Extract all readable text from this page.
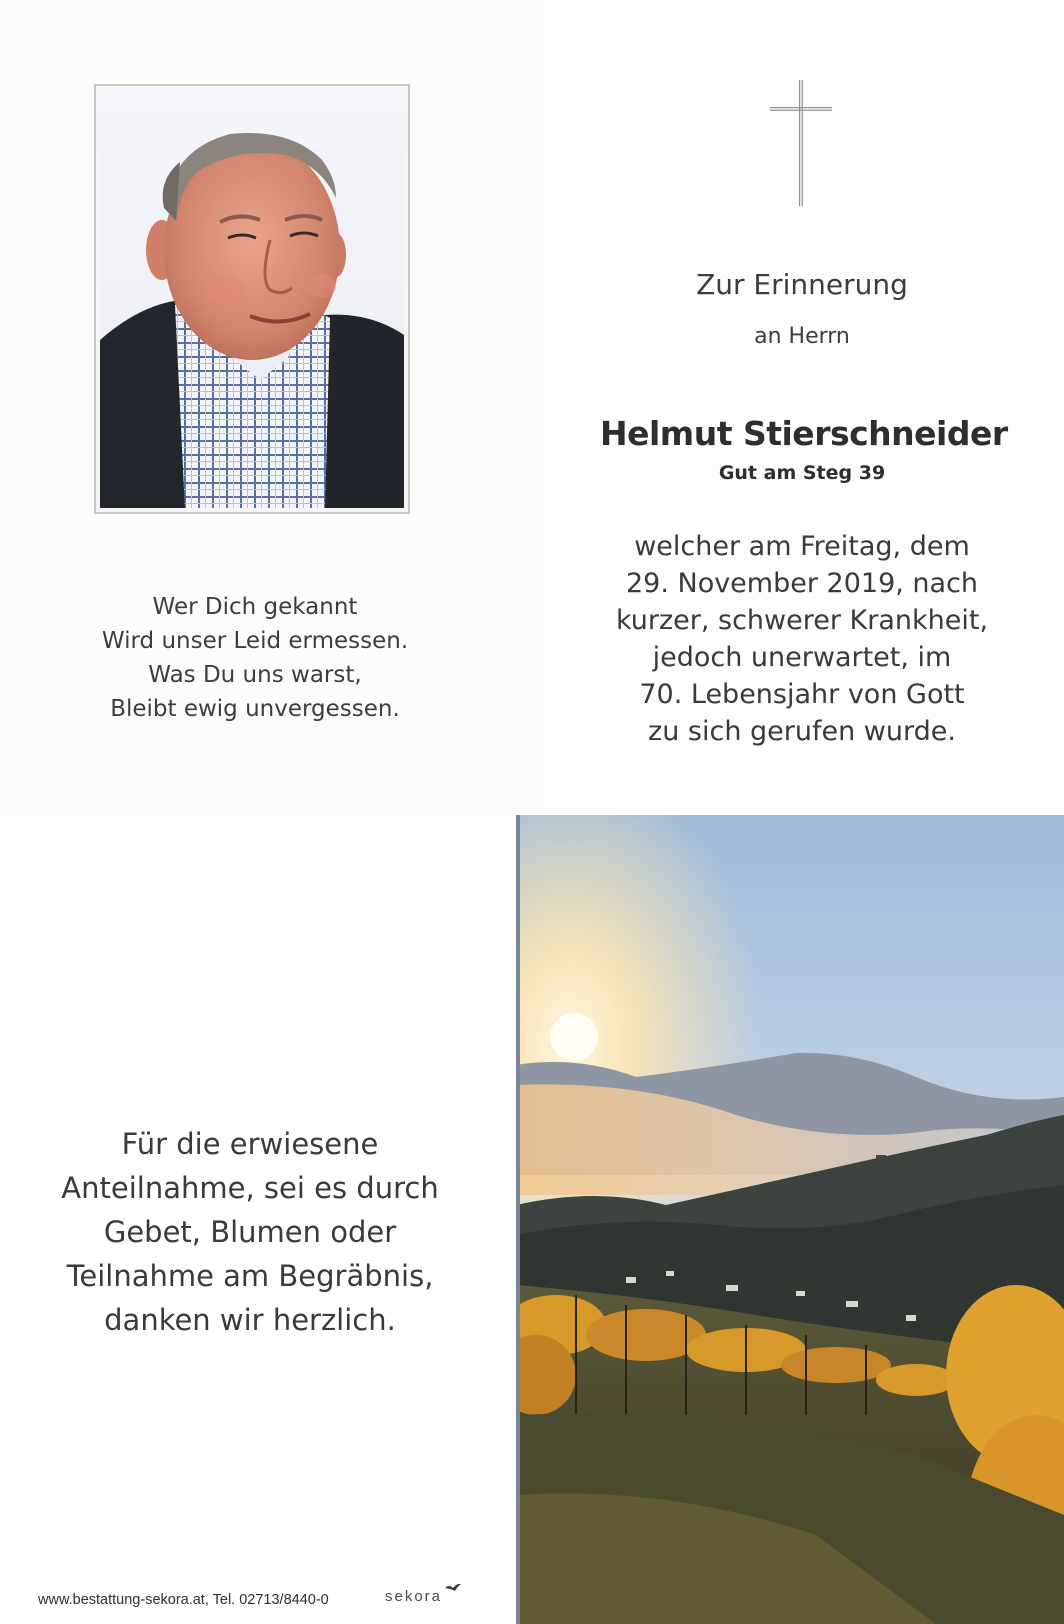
Wer Dich gekannt
Wird unser Leid ermessen.
Was Du uns warst,
Bleibt ewig unvergessen.
Zur Erinnerung
an Herrn
Helmut Stierschneider
Gut am Steg 39
welcher am Freitag, dem
29. November 2019, nach
kurzer, schwerer Krankheit,
jedoch unerwartet, im
70. Lebensjahr von Gott
zu sich gerufen wurde.
Für die erwiesene
Anteilnahme, sei es durch
Gebet, Blumen oder
Teilnahme am Begräbnis,
danken wir herzlich.
www.bestattung-sekora.at, Tel. 02713/8440-0	sekora
